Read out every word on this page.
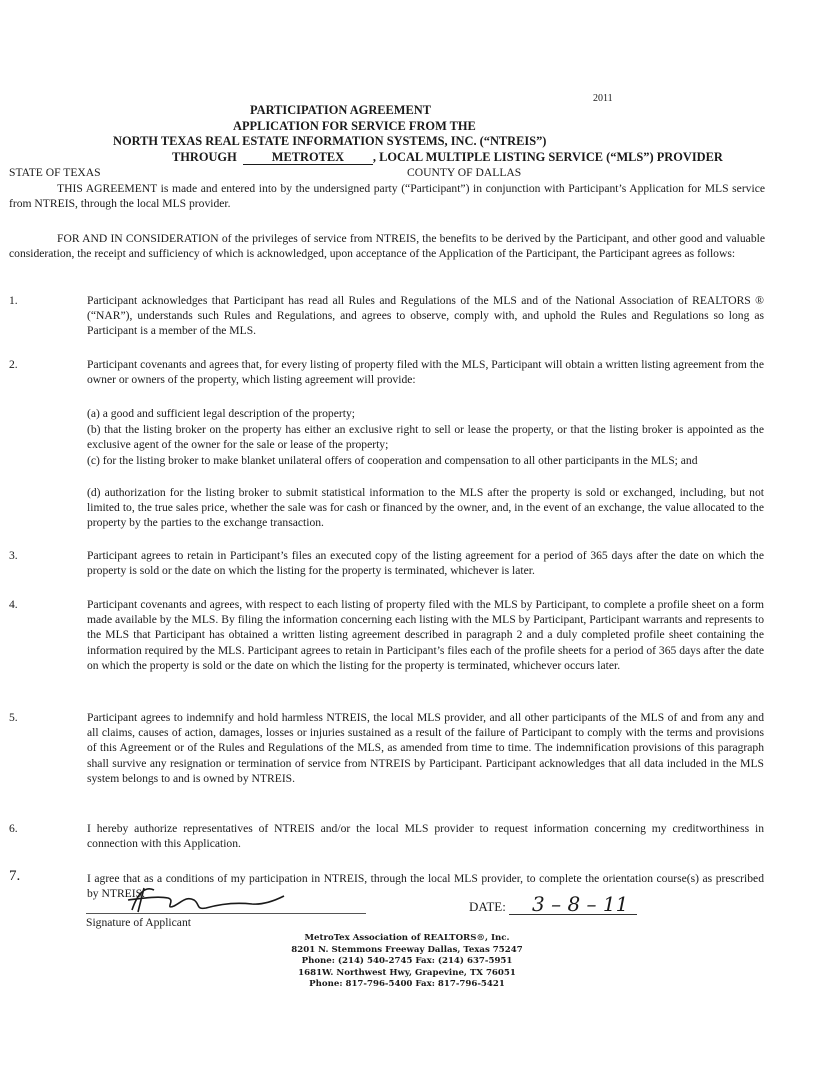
2011
PARTICIPATION AGREEMENT
APPLICATION FOR SERVICE FROM THE
NORTH TEXAS REAL ESTATE INFORMATION SYSTEMS, INC. (“NTREIS”)
THROUGH	METROTEX , LOCAL MULTIPLE LISTING SERVICE (“MLS”) PROVIDER
STATE OF TEXAS	COUNTY OF DALLAS
THIS AGREEMENT is made and entered into by the undersigned party (“Participant”) in conjunction with Participant’s Application for MLS service from NTREIS, through the local MLS provider.
FOR AND IN CONSIDERATION of the privileges of service from NTREIS, the benefits to be derived by the Participant, and other good and valuable consideration, the receipt and sufficiency of which is acknowledged, upon acceptance of the Application of the Participant, the Participant agrees as follows:
1.	Participant acknowledges that Participant has read all Rules and Regulations of the MLS and of the National Association of REALTORS ® (“NAR”), understands such Rules and Regulations, and agrees to observe, comply with, and uphold the Rules and Regulations so long as Participant is a member of the MLS.
2.	Participant covenants and agrees that, for every listing of property filed with the MLS, Participant will obtain a written listing agreement from the owner or owners of the property, which listing agreement will provide:
(a) a good and sufficient legal description of the property;
(b) that the listing broker on the property has either an exclusive right to sell or lease the property, or that the listing broker is appointed as the exclusive agent of the owner for the sale or lease of the property;
(c) for the listing broker to make blanket unilateral offers of cooperation and compensation to all other participants in the MLS; and
(d) authorization for the listing broker to submit statistical information to the MLS after the property is sold or exchanged, including, but not limited to, the true sales price, whether the sale was for cash or financed by the owner, and, in the event of an exchange, the value allocated to the property by the parties to the exchange transaction.
3.	Participant agrees to retain in Participant’s files an executed copy of the listing agreement for a period of 365 days after the date on which the property is sold or the date on which the listing for the property is terminated, whichever is later.
4.	Participant covenants and agrees, with respect to each listing of property filed with the MLS by Participant, to complete a profile sheet on a form made available by the MLS. By filing the information concerning each listing with the MLS by Participant, Participant warrants and represents to the MLS that Participant has obtained a written listing agreement described in paragraph 2 and a duly completed profile sheet containing the information required by the MLS. Participant agrees to retain in Participant’s files each of the profile sheets for a period of 365 days after the date on which the property is sold or the date on which the listing for the property is terminated, whichever occurs later.
5.	Participant agrees to indemnify and hold harmless NTREIS, the local MLS provider, and all other participants of the MLS of and from any and all claims, causes of action, damages, losses or injuries sustained as a result of the failure of Participant to comply with the terms and provisions of this Agreement or of the Rules and Regulations of the MLS, as amended from time to time. The indemnification provisions of this paragraph shall survive any resignation or termination of service from NTREIS by Participant. Participant acknowledges that all data included in the MLS system belongs to and is owned by NTREIS.
6.	I hereby authorize representatives of NTREIS and/or the local MLS provider to request information concerning my creditworthiness in connection with this Application.
7.	I agree that as a conditions of my participation in NTREIS, through the local MLS provider, to complete the orientation course(s) as prescribed by NTREIS.
Signature of Applicant
DATE: 3 – 8 – 11
MetroTex Association of REALTORS®, Inc.
8201 N. Stemmons Freeway Dallas, Texas 75247
Phone: (214) 540-2745 Fax: (214) 637-5951
1681W. Northwest Hwy, Grapevine, TX 76051
Phone: 817-796-5400 Fax: 817-796-5421
